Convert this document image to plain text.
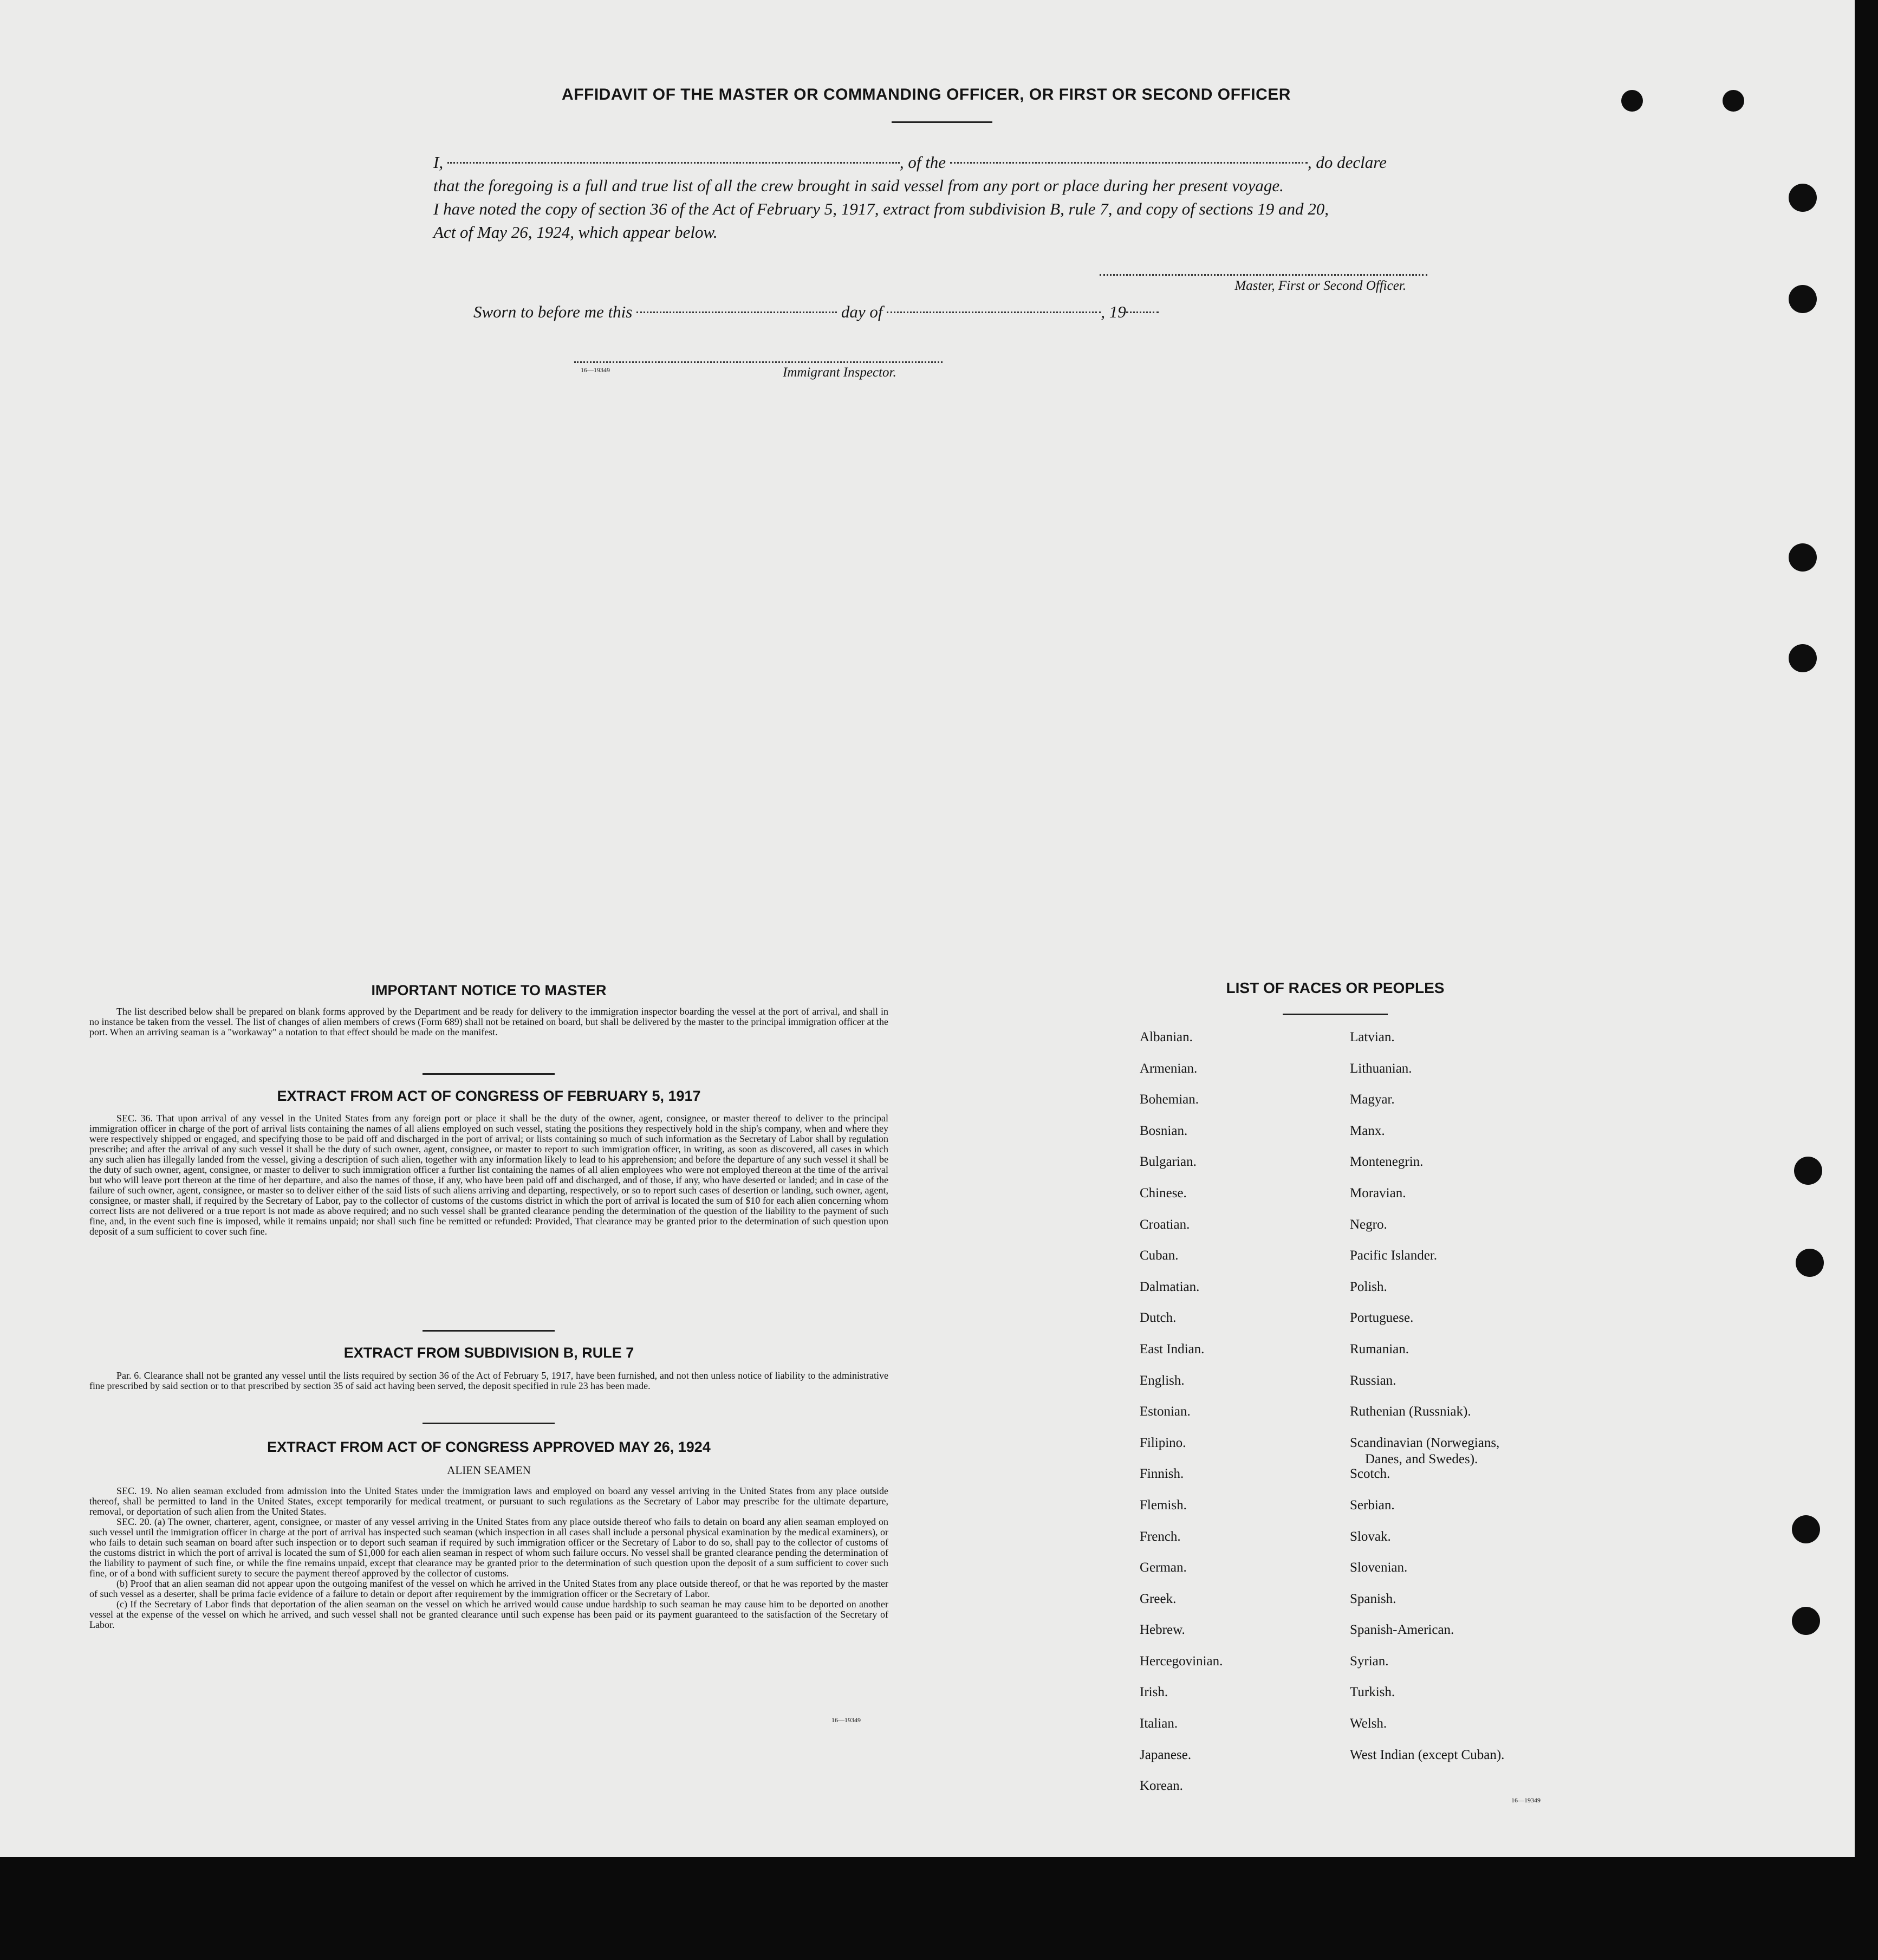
AFFIDAVIT OF THE MASTER OR COMMANDING OFFICER, OR FIRST OR SECOND OFFICER
I,	, of the	, do declare
that the foregoing is a full and true list of all the crew brought in said vessel from any port or place during her present voyage.
I have noted the copy of section 36 of the Act of February 5, 1917, extract from subdivision B, rule 7, and copy of sections 19 and 20,
Act of May 26, 1924, which appear below.
Master, First or Second Officer.
Sworn to before me this	day of	, 19
16—19349	Immigrant Inspector.
IMPORTANT NOTICE TO MASTER

The list described below shall be prepared on blank forms approved by the Department and be ready for delivery to the immigration inspector boarding the vessel at the port of arrival, and shall in no instance be taken from the vessel. The list of changes of alien members of crews (Form 689) shall not be retained on board, but shall be delivered by the master to the principal immigration officer at the port. When an arriving seaman is a "workaway" a notation to that effect should be made on the manifest.

EXTRACT FROM ACT OF CONGRESS OF FEBRUARY 5, 1917

SEC. 36. That upon arrival of any vessel in the United States from any foreign port or place it shall be the duty of the owner, agent, consignee, or master thereof to deliver to the principal immigration officer in charge of the port of arrival lists containing the names of all aliens employed on such vessel, stating the positions they respectively hold in the ship's company, when and where they were respectively shipped or engaged, and specifying those to be paid off and discharged in the port of arrival; or lists containing so much of such information as the Secretary of Labor shall by regulation prescribe; and after the arrival of any such vessel it shall be the duty of such owner, agent, consignee, or master to report to such immigration officer, in writing, as soon as discovered, all cases in which any such alien has illegally landed from the vessel, giving a description of such alien, together with any information likely to lead to his apprehension; and before the departure of any such vessel it shall be the duty of such owner, agent, consignee, or master to deliver to such immigration officer a further list containing the names of all alien employees who were not employed thereon at the time of the arrival but who will leave port thereon at the time of her departure, and also the names of those, if any, who have been paid off and discharged, and of those, if any, who have deserted or landed; and in case of the failure of such owner, agent, consignee, or master so to deliver either of the said lists of such aliens arriving and departing, respectively, or so to report such cases of desertion or landing, such owner, agent, consignee, or master shall, if required by the Secretary of Labor, pay to the collector of customs of the customs district in which the port of arrival is located the sum of $10 for each alien concerning whom correct lists are not delivered or a true report is not made as above required; and no such vessel shall be granted clearance pending the determination of the question of the liability to the payment of such fine, and, in the event such fine is imposed, while it remains unpaid; nor shall such fine be remitted or refunded: Provided, That clearance may be granted prior to the determination of such question upon deposit of a sum sufficient to cover such fine.

EXTRACT FROM SUBDIVISION B, RULE 7

Par. 6. Clearance shall not be granted any vessel until the lists required by section 36 of the Act of February 5, 1917, have been furnished, and not then unless notice of liability to the administrative fine prescribed by said section or to that prescribed by section 35 of said act having been served, the deposit specified in rule 23 has been made.

EXTRACT FROM ACT OF CONGRESS APPROVED MAY 26, 1924
ALIEN SEAMEN

SEC. 19. No alien seaman excluded from admission into the United States under the immigration laws and employed on board any vessel arriving in the United States from any place outside thereof, shall be permitted to land in the United States, except temporarily for medical treatment, or pursuant to such regulations as the Secretary of Labor may prescribe for the ultimate departure, removal, or deportation of such alien from the United States.

SEC. 20. (a) The owner, charterer, agent, consignee, or master of any vessel arriving in the United States from any place outside thereof who fails to detain on board any alien seaman employed on such vessel until the immigration officer in charge at the port of arrival has inspected such seaman (which inspection in all cases shall include a personal physical examination by the medical examiners), or who fails to detain such seaman on board after such inspection or to deport such seaman if required by such immigration officer or the Secretary of Labor to do so, shall pay to the collector of customs of the customs district in which the port of arrival is located the sum of $1,000 for each alien seaman in respect of whom such failure occurs. No vessel shall be granted clearance pending the determination of the liability to payment of such fine, or while the fine remains unpaid, except that clearance may be granted prior to the determination of such question upon the deposit of a sum sufficient to cover such fine, or of a bond with sufficient surety to secure the payment thereof approved by the collector of customs.

(b) Proof that an alien seaman did not appear upon the outgoing manifest of the vessel on which he arrived in the United States from any place outside thereof, or that he was reported by the master of such vessel as a deserter, shall be prima facie evidence of a failure to detain or deport after requirement by the immigration officer or the Secretary of Labor.

(c) If the Secretary of Labor finds that deportation of the alien seaman on the vessel on which he arrived would cause undue hardship to such seaman he may cause him to be deported on another vessel at the expense of the vessel on which he arrived, and such vessel shall not be granted clearance until such expense has been paid or its payment guaranteed to the satisfaction of the Secretary of Labor.

16—19349
LIST OF RACES OR PEOPLES
Albanian.
Armenian.
Bohemian.
Bosnian.
Bulgarian.
Chinese.
Croatian.
Cuban.
Dalmatian.
Dutch.
East Indian.
English.
Estonian.
Filipino.
Finnish.
Flemish.
French.
German.
Greek.
Hebrew.
Hercegovinian.
Irish.
Italian.
Japanese.
Korean.
Latvian.
Lithuanian.
Magyar.
Manx.
Montenegrin.
Moravian.
Negro.
Pacific Islander.
Polish.
Portuguese.
Rumanian.
Russian.
Ruthenian (Russniak).
Scandinavian (Norwegians,
Danes, and Swedes).
Scotch.
Serbian.
Slovak.
Slovenian.
Spanish.
Spanish-American.
Syrian.
Turkish.
Welsh.
West Indian (except Cuban).
16—19349
